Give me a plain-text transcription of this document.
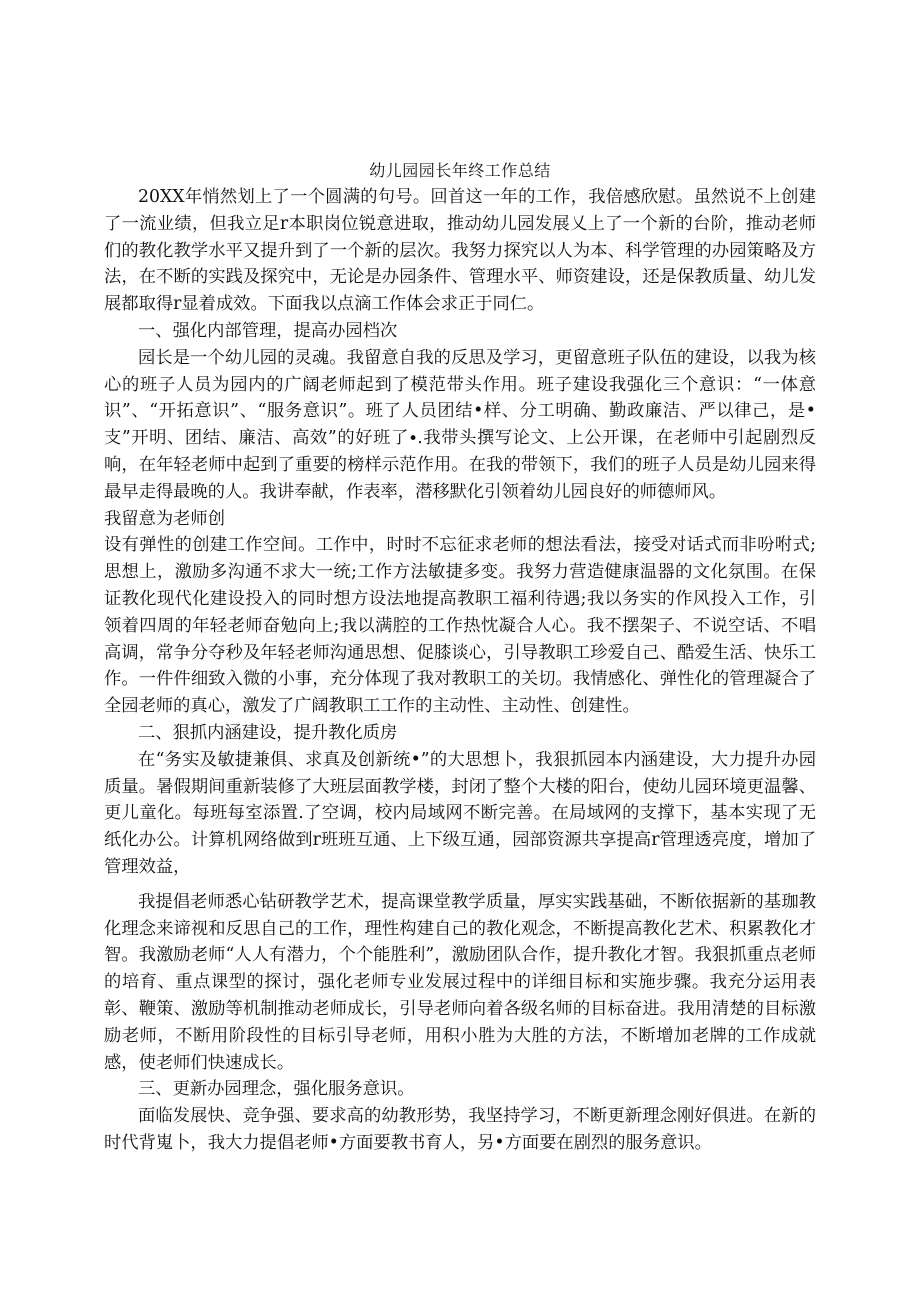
幼儿园园长年终工作总结

20XX年悄然划上了一个圆满的句号。回首这一年的工作，我倍感欣慰。虽然说不上创建了一流业绩，但我立足r本职岗位锐意进取，推动幼儿园发展乂上了一个新的台阶，推动老师们的教化教学水平又提升到了一个新的层次。我努力探究以人为本、科学管理的办园策略及方法，在不断的实践及探究中，无论是办园条件、管理水平、师资建设，还是保教质量、幼儿发展都取得r显着成效。下面我以点滴工作体会求正于同仁。

一、强化内部管理，提高办园档次

园长是一个幼儿园的灵魂。我留意自我的反思及学习，更留意班子队伍的建设，以我为核心的班子人员为园内的广阔老师起到了模范带头作用。班子建设我强化三个意识：“一体意识”、“开拓意识”、“服务意识”。班了人员团结•样、分工明确、勤政廉洁、严以律己，是•支”开明、团结、廉洁、高效”的好班了∙.我带头撰写论文、上公开课，在老师中引起剧烈反响，在年轻老师中起到了重要的榜样示范作用。在我的带领下，我们的班子人员是幼儿园来得最早走得最晚的人。我讲奉献，作表率，潜移默化引领着幼儿园良好的师德师风。

我留意为老师创

设有弹性的创建工作空间。工作中，时时不忘征求老师的想法看法，接受对话式而非吩咐式;思想上，激励多沟通不求大一统;工作方法敏捷多变。我努力营造健康温器的文化氛围。在保证教化现代化建设投入的同时想方设法地提高教职工福利待遇;我以务实的作风投入工作，引领着四周的年轻老师奋勉向上;我以满腔的工作热忱凝合人心。我不摆架子、不说空话、不唱高调，常争分夺秒及年轻老师沟通思想、促膝谈心，引导教职工珍爱自己、酷爱生活、快乐工作。一件件细致入微的小事，充分体现了我对教职工的关切。我情感化、弹性化的管理凝合了全园老师的真心，激发了广阔教职工工作的主动性、主动性、创建性。

二、狠抓内涵建设，提升教化质房

在“务实及敏捷兼俱、求真及创新统•”的大思想卜，我狠抓园本内涵建设，大力提升办园质量。暑假期间重新装修了大班层面教学楼，封闭了整个大楼的阳台，使幼儿园环境更温馨、更儿童化。每班每室添置.了空调，校内局域网不断完善。在局域网的支撑下，基本实现了无纸化办公。计算机网络做到r班班互通、上下级互通，园部资源共享提高r管理透亮度，增加了管理效益，

我提倡老师悉心钻研教学艺术，提高课堂教学质量，厚实实践基础，不断依据新的基珈教化理念来谛视和反思自己的工作，理性构建自己的教化观念，不断提高教化艺术、积累教化才智。我激励老师“人人有潜力，个个能胜利”，激励团队合作，提升教化才智。我狠抓重点老师的培育、重点课型的探讨，强化老师专业发展过程中的详细目标和实施步骤。我充分运用表彰、鞭策、激励等机制推动老师成长，引导老师向着各级名师的目标奋进。我用清楚的目标激励老师，不断用阶段性的目标引导老师，用积小胜为大胜的方法，不断增加老牌的工作成就感，使老师们快速成长。

三、更新办园理念，强化服务意识。

面临发展快、竞争强、要求高的幼教形势，我坚持学习，不断更新理念刚好俱进。在新的时代背嵬卜，我大力提倡老师•方面要教书育人，另•方面要在剧烈的服务意识。
